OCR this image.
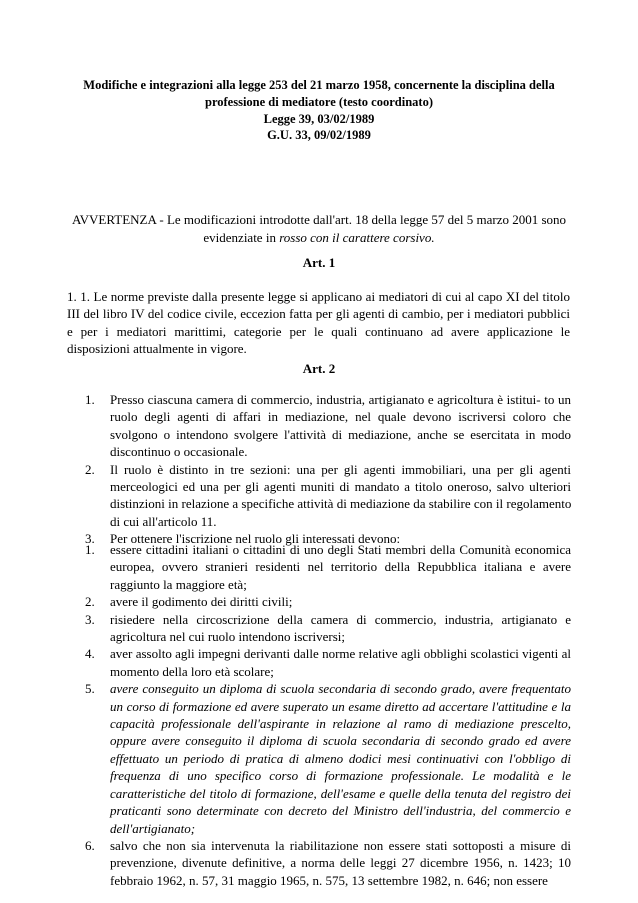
Modifiche e integrazioni alla legge 253 del 21 marzo 1958, concernente la disciplina della
professione di mediatore (testo coordinato)
Legge 39, 03/02/1989
G.U. 33, 09/02/1989
AVVERTENZA - Le modificazioni introdotte dall'art. 18 della legge 57 del 5 marzo 2001 sono
evidenziate in rosso con il carattere corsivo.
Art. 1
1. 1. Le norme previste dalla presente legge si applicano ai mediatori di cui al capo XI del titolo
III del libro IV del codice civile, eccezion fatta per gli agenti di cambio, per i mediatori pubblici
e per i mediatori marittimi, categorie per le quali continuano ad avere applicazione le
disposizioni attualmente in vigore.
Art. 2
1. Presso ciascuna camera di commercio, industria, artigianato e agricoltura è istitui- to un
ruolo degli agenti di affari in mediazione, nel quale devono iscriversi coloro che
svolgono o intendono svolgere l'attività di mediazione, anche se esercitata in modo
discontinuo o occasionale.
2. Il ruolo è distinto in tre sezioni: una per gli agenti immobiliari, una per gli agenti
merceologici ed una per gli agenti muniti di mandato a titolo oneroso, salvo ulteriori
distinzioni in relazione a specifiche attività di mediazione da stabilire con il regolamento
di cui all'articolo 11.
3. Per ottenere l'iscrizione nel ruolo gli interessati devono:
1. essere cittadini italiani o cittadini di uno degli Stati membri della Comunità economica
europea, ovvero stranieri residenti nel territorio della Repubblica italiana e avere
raggiunto la maggiore età;
2. avere il godimento dei diritti civili;
3. risiedere nella circoscrizione della camera di commercio, industria, artigianato e
agricoltura nel cui ruolo intendono iscriversi;
4. aver assolto agli impegni derivanti dalle norme relative agli obblighi scolastici vigenti al
momento della loro età scolare;
5. avere conseguito un diploma di scuola secondaria di secondo grado, avere frequentato
un corso di formazione ed avere superato un esame diretto ad accertare l'attitudine e la
capacità professionale dell'aspirante in relazione al ramo di mediazione prescelto,
oppure avere conseguito il diploma di scuola secondaria di secondo grado ed avere
effettuato un periodo di pratica di almeno dodici mesi continuativi con l'obbligo di
frequenza di uno specifico corso di formazione professionale. Le modalità e le
caratteristiche del titolo di formazione, dell'esame e quelle della tenuta del registro dei
praticanti sono determinate con decreto del Ministro dell'industria, del commercio e
dell'artigianato;
6. salvo che non sia intervenuta la riabilitazione non essere stati sottoposti a misure di
prevenzione, divenute definitive, a norma delle leggi 27 dicembre 1956, n. 1423; 10
febbraio 1962, n. 57, 31 maggio 1965, n. 575, 13 settembre 1982, n. 646; non essere
